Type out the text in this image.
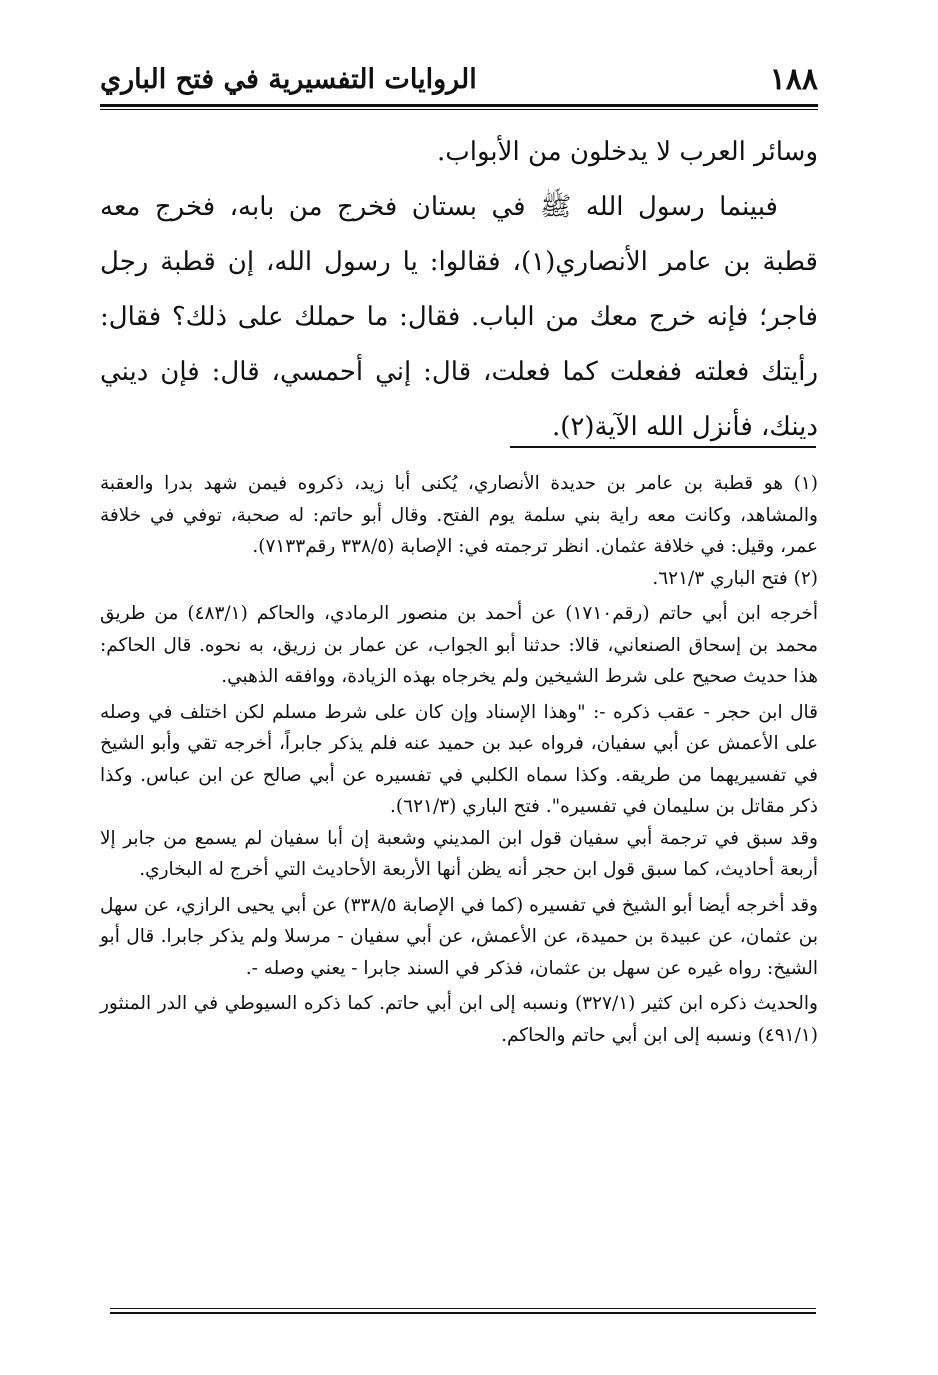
١٨٨
الروايات التفسيرية في فتح الباري

وسائر العرب لا يدخلون من الأبواب.

فبينما رسول الله ﷺ في بستان فخرج من بابه، فخرج معه قطبة بن عامر الأنصاري(١)، فقالوا: يا رسول الله، إن قطبة رجل فاجر؛ فإنه خرج معك من الباب. فقال: ما حملك على ذلك؟ فقال: رأيتك فعلته ففعلت كما فعلت، قال: إني أحمسي، قال: فإن ديني دينك، فأنزل الله الآية(٢).

(١) هو قطبة بن عامر بن حديدة الأنصاري، يُكنى أبا زيد، ذكروه فيمن شهد بدرا والعقبة والمشاهد، وكانت معه راية بني سلمة يوم الفتح. وقال أبو حاتم: له صحبة، توفي في خلافة عمر، وقيل: في خلافة عثمان. انظر ترجمته في: الإصابة (٣٣٨/٥ رقم٧١٣٣).

(٢) فتح الباري ٦٢١/٣.

أخرجه ابن أبي حاتم (رقم١٧١٠) عن أحمد بن منصور الرمادي، والحاكم (٤٨٣/١) من طريق محمد بن إسحاق الصنعاني، قالا: حدثنا أبو الجواب، عن عمار بن زريق، به نحوه. قال الحاكم: هذا حديث صحيح على شرط الشيخين ولم يخرجاه بهذه الزيادة، ووافقه الذهبي.

قال ابن حجر - عقب ذكره -: "وهذا الإسناد وإن كان على شرط مسلم لكن اختلف في وصله على الأعمش عن أبي سفيان، فرواه عبد بن حميد عنه فلم يذكر جابراً، أخرجه تقي وأبو الشيخ في تفسيريهما من طريقه. وكذا سماه الكلبي في تفسيره عن أبي صالح عن ابن عباس. وكذا ذكر مقاتل بن سليمان في تفسيره". فتح الباري (٦٢١/٣).

وقد سبق في ترجمة أبي سفيان قول ابن المديني وشعبة إن أبا سفيان لم يسمع من جابر إلا أربعة أحاديث، كما سبق قول ابن حجر أنه يظن أنها الأربعة الأحاديث التي أخرج له البخاري.

وقد أخرجه أيضا أبو الشيخ في تفسيره (كما في الإصابة ٣٣٨/٥) عن أبي يحيى الرازي، عن سهل بن عثمان، عن عبيدة بن حميدة، عن الأعمش، عن أبي سفيان - مرسلا ولم يذكر جابرا. قال أبو الشيخ: رواه غيره عن سهل بن عثمان، فذكر في السند جابرا - يعني وصله -.

والحديث ذكره ابن كثير (٣٢٧/١) ونسبه إلى ابن أبي حاتم. كما ذكره السيوطي في الدر المنثور (٤٩١/١) ونسبه إلى ابن أبي حاتم والحاكم.
